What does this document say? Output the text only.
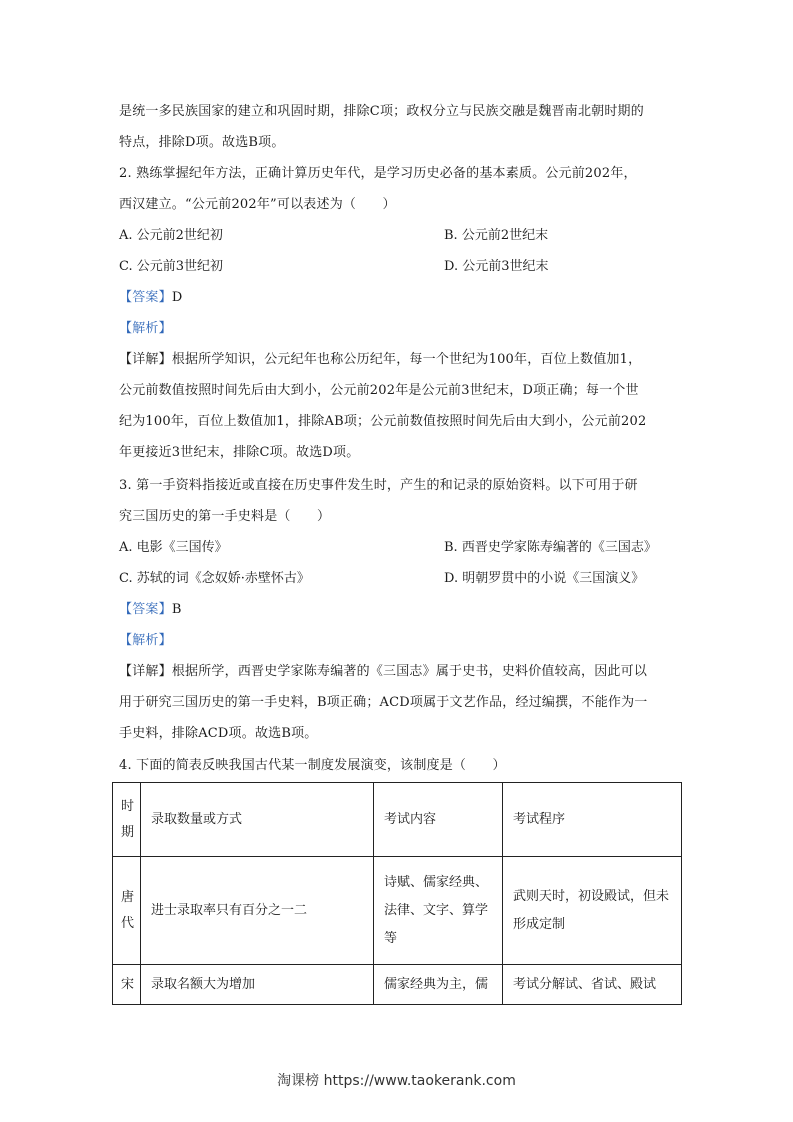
是统一多民族国家的建立和巩固时期，排除C项；政权分立与民族交融是魏晋南北朝时期的
特点，排除D项。故选B项。
2. 熟练掌握纪年方法，正确计算历史年代，是学习历史必备的基本素质。公元前202年，
西汉建立。“公元前202年”可以表述为（　　）
A. 公元前2世纪初	B. 公元前2世纪末
C. 公元前3世纪初	D. 公元前3世纪末
【答案】D
【解析】
【详解】根据所学知识，公元纪年也称公历纪年，每一个世纪为100年，百位上数值加1，
公元前数值按照时间先后由大到小，公元前202年是公元前3世纪末，D项正确；每一个世
纪为100年，百位上数值加1，排除AB项；公元前数值按照时间先后由大到小，公元前202
年更接近3世纪末，排除C项。故选D项。
3. 第一手资料指接近或直接在历史事件发生时，产生的和记录的原始资料。以下可用于研
究三国历史的第一手史料是（　　）
A. 电影《三国传》	B. 西晋史学家陈寿编著的《三国志》
C. 苏轼的词《念奴娇·赤壁怀古》	D. 明朝罗贯中的小说《三国演义》
【答案】B
【解析】
【详解】根据所学，西晋史学家陈寿编著的《三国志》属于史书，史料价值较高，因此可以
用于研究三国历史的第一手史料，B项正确；ACD项属于文艺作品，经过编撰，不能作为一
手史料，排除ACD项。故选B项。
4. 下面的简表反映我国古代某一制度发展演变，该制度是（　　）
时期	录取数量或方式	考试内容	考试程序
唐代	进士录取率只有百分之一二	诗赋、儒家经典、法律、文字、算学等	武则天时，初设殿试，但未形成定制
宋	录取名额大为增加	儒家经典为主，儒	考试分解试、省试、殿试
淘课榜 https://www.taokerank.com
